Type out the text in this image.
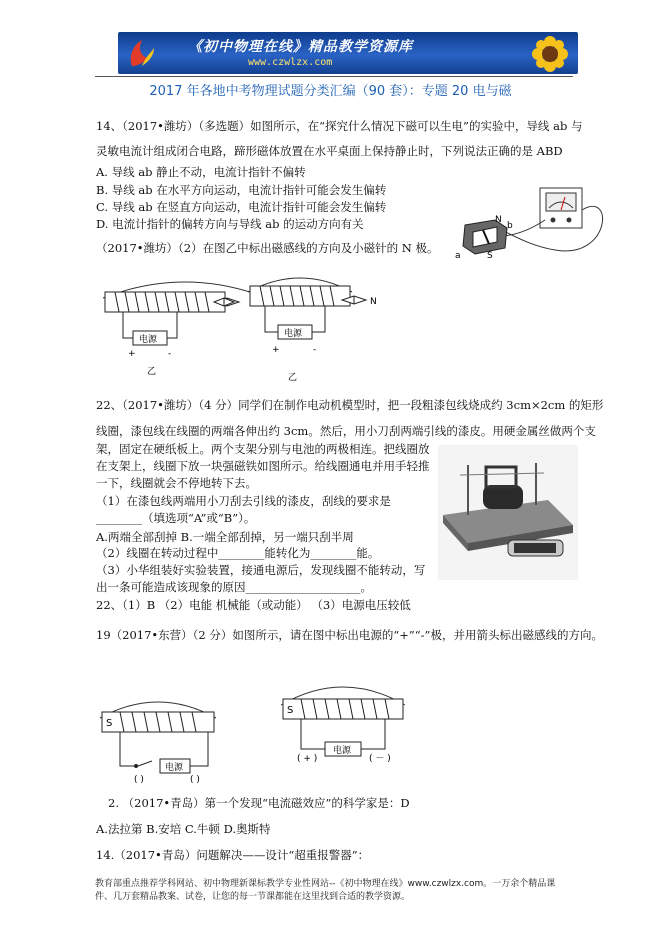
《初中物理在线》精品教学资源库
www.czwlzx.com
2017 年各地中考物理试题分类汇编（90 套）：专题 20 电与磁
14、（2017•潍坊）（多选题）如图所示，在“探究什么情况下磁可以生电”的实验中，导线 ab 与
灵敏电流计组成闭合电路，蹄形磁体放置在水平桌面上保持静止时，下列说法正确的是 ABD
A. 导线 ab 静止不动，电流计指针不偏转
B. 导线 ab 在水平方向运动，电流计指针可能会发生偏转
C. 导线 ab 在竖直方向运动，电流计指针可能会发生偏转
D. 电流计指针的偏转方向与导线 ab 的运动方向有关	N
b
S
a
（2017•潍坊）（2）在图乙中标出磁感线的方向及小磁针的 N 极。
电源
+	-
乙
N
电源
+	-
乙
22、（2017•潍坊）（4 分）同学们在制作电动机模型时，把一段粗漆包线烧成约 3cm×2cm 的矩形
线圈，漆包线在线圈的两端各伸出约 3cm。然后，用小刀刮两端引线的漆皮。用硬金属丝做两个支
架，固定在硬纸板上。两个支架分别与电池的两极相连。把线圈放
在支架上，线圈下放一块强磁铁如图所示。给线圈通电并用手轻推
一下，线圈就会不停地转下去。
（1）在漆包线两端用小刀刮去引线的漆皮，刮线的要求是
________（填选项“A”或“B”）。
A.两端全部刮掉 B.一端全部刮掉，另一端只刮半周
（2）线圈在转动过程中________能转化为________能。
（3）小华组装好实验装置，接通电源后，发现线圈不能转动，写
出一条可能造成该现象的原因____________________。
22、（1）B （2）电能 机械能（或动能） （3）电源电压较低
19（2017•东营）（2 分）如图所示，请在图中标出电源的“+”“-”极，并用箭头标出磁感线的方向。
S
电源
( )	( )
S
电源
( + )	( － )
2. （2017•青岛）第一个发现“电流磁效应”的科学家是：D
A.法拉第 B.安培 C.牛顿 D.奥斯特
14.（2017•青岛）问题解决——设计“超重报警器”：
教育部重点推荐学科网站、初中物理新课标教学专业性网站--《初中物理在线》www.czwlzx.com。一万余个精品课
件、几万套精品教案、试卷，让您的每一节课都能在这里找到合适的教学资源。
